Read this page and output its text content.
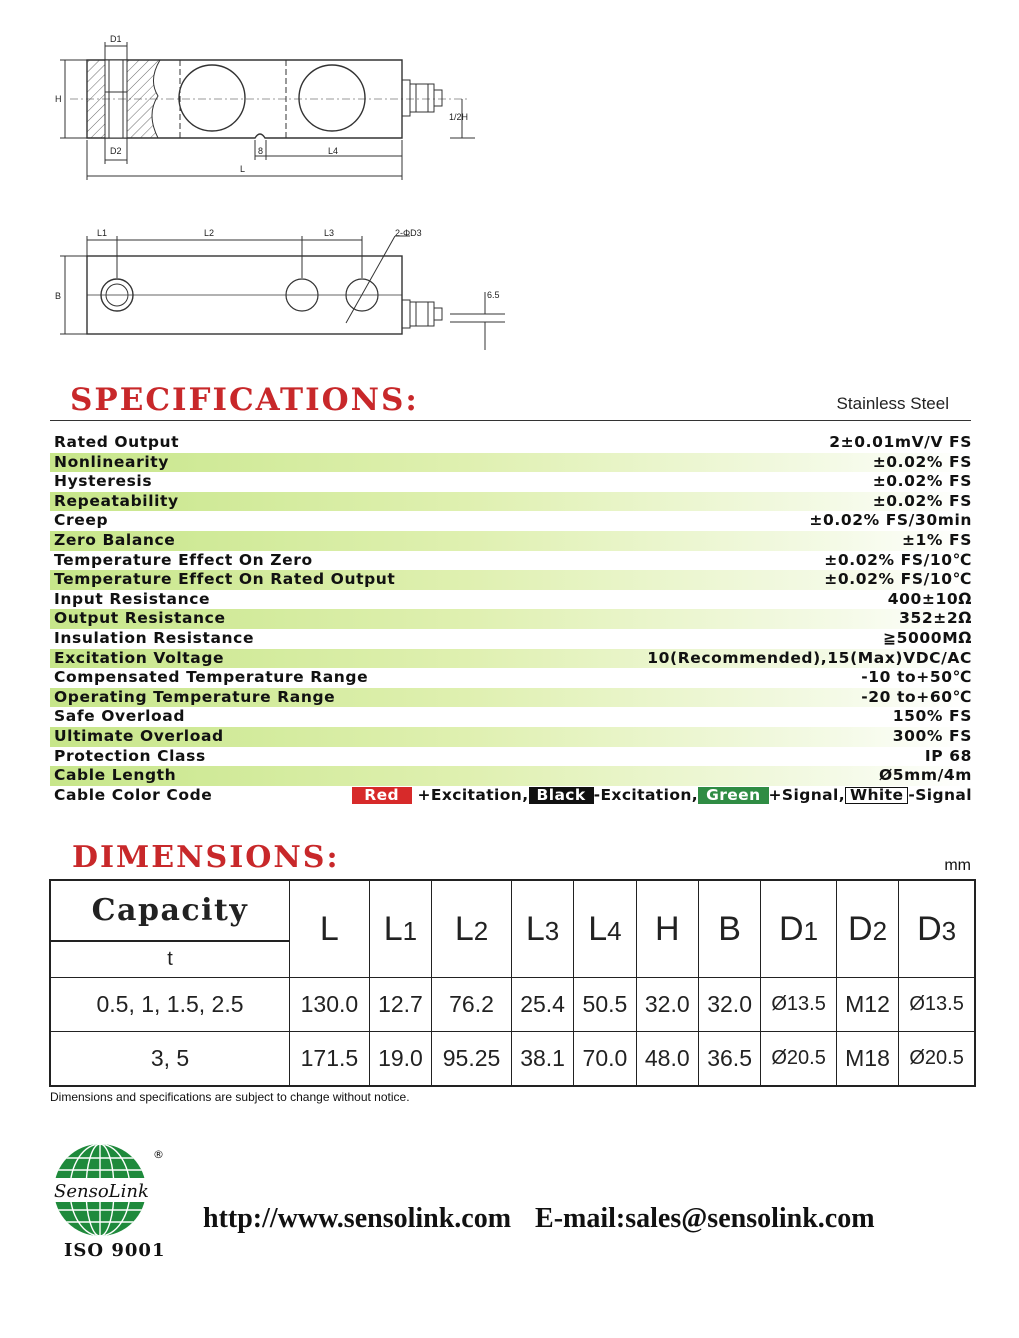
D1
H
1/2H
D2	8	L4
L
L1	L2	L3	2-ΦD3
B	6.5
SPECIFICATIONS:	Stainless Steel
Rated Output	2±0.01mV/V FS
Nonlinearity	±0.02% FS
Hysteresis	±0.02% FS
Repeatability	±0.02% FS
Creep	±0.02% FS/30min
Zero Balance	±1% FS
Temperature Effect On Zero	±0.02% FS/10℃
Temperature Effect On Rated Output	±0.02% FS/10℃
Input Resistance	400±10Ω
Output Resistance	352±2Ω
Insulation Resistance	≧5000MΩ
Excitation Voltage	10(Recommended),15(Max)VDC/AC
Compensated Temperature Range	-10 to+50℃
Operating Temperature Range	-20 to+60℃
Safe Overload	150% FS
Ultimate Overload	300% FS
Protection Class	IP 68
Cable Length	Ø5mm/4m
Cable Color Code	Red +Excitation, Black -Excitation, Green +Signal, White -Signal
DIMENSIONS:	mm
Capacity	L	L1	L2	L3	L4	H	B	D1	D2	D3
t										
0.5, 1, 1.5, 2.5	130.0	12.7	76.2	25.4	50.5	32.0	32.0	Ø13.5	M12	Ø13.5
3, 5	171.5	19.0	95.25	38.1	70.0	48.0	36.5	Ø20.5	M18	Ø20.5
Dimensions and specifications are subject to change without notice.
SensoLink
®
ISO 9001
http://www.sensolink.com E-mail:sales@sensolink.com
